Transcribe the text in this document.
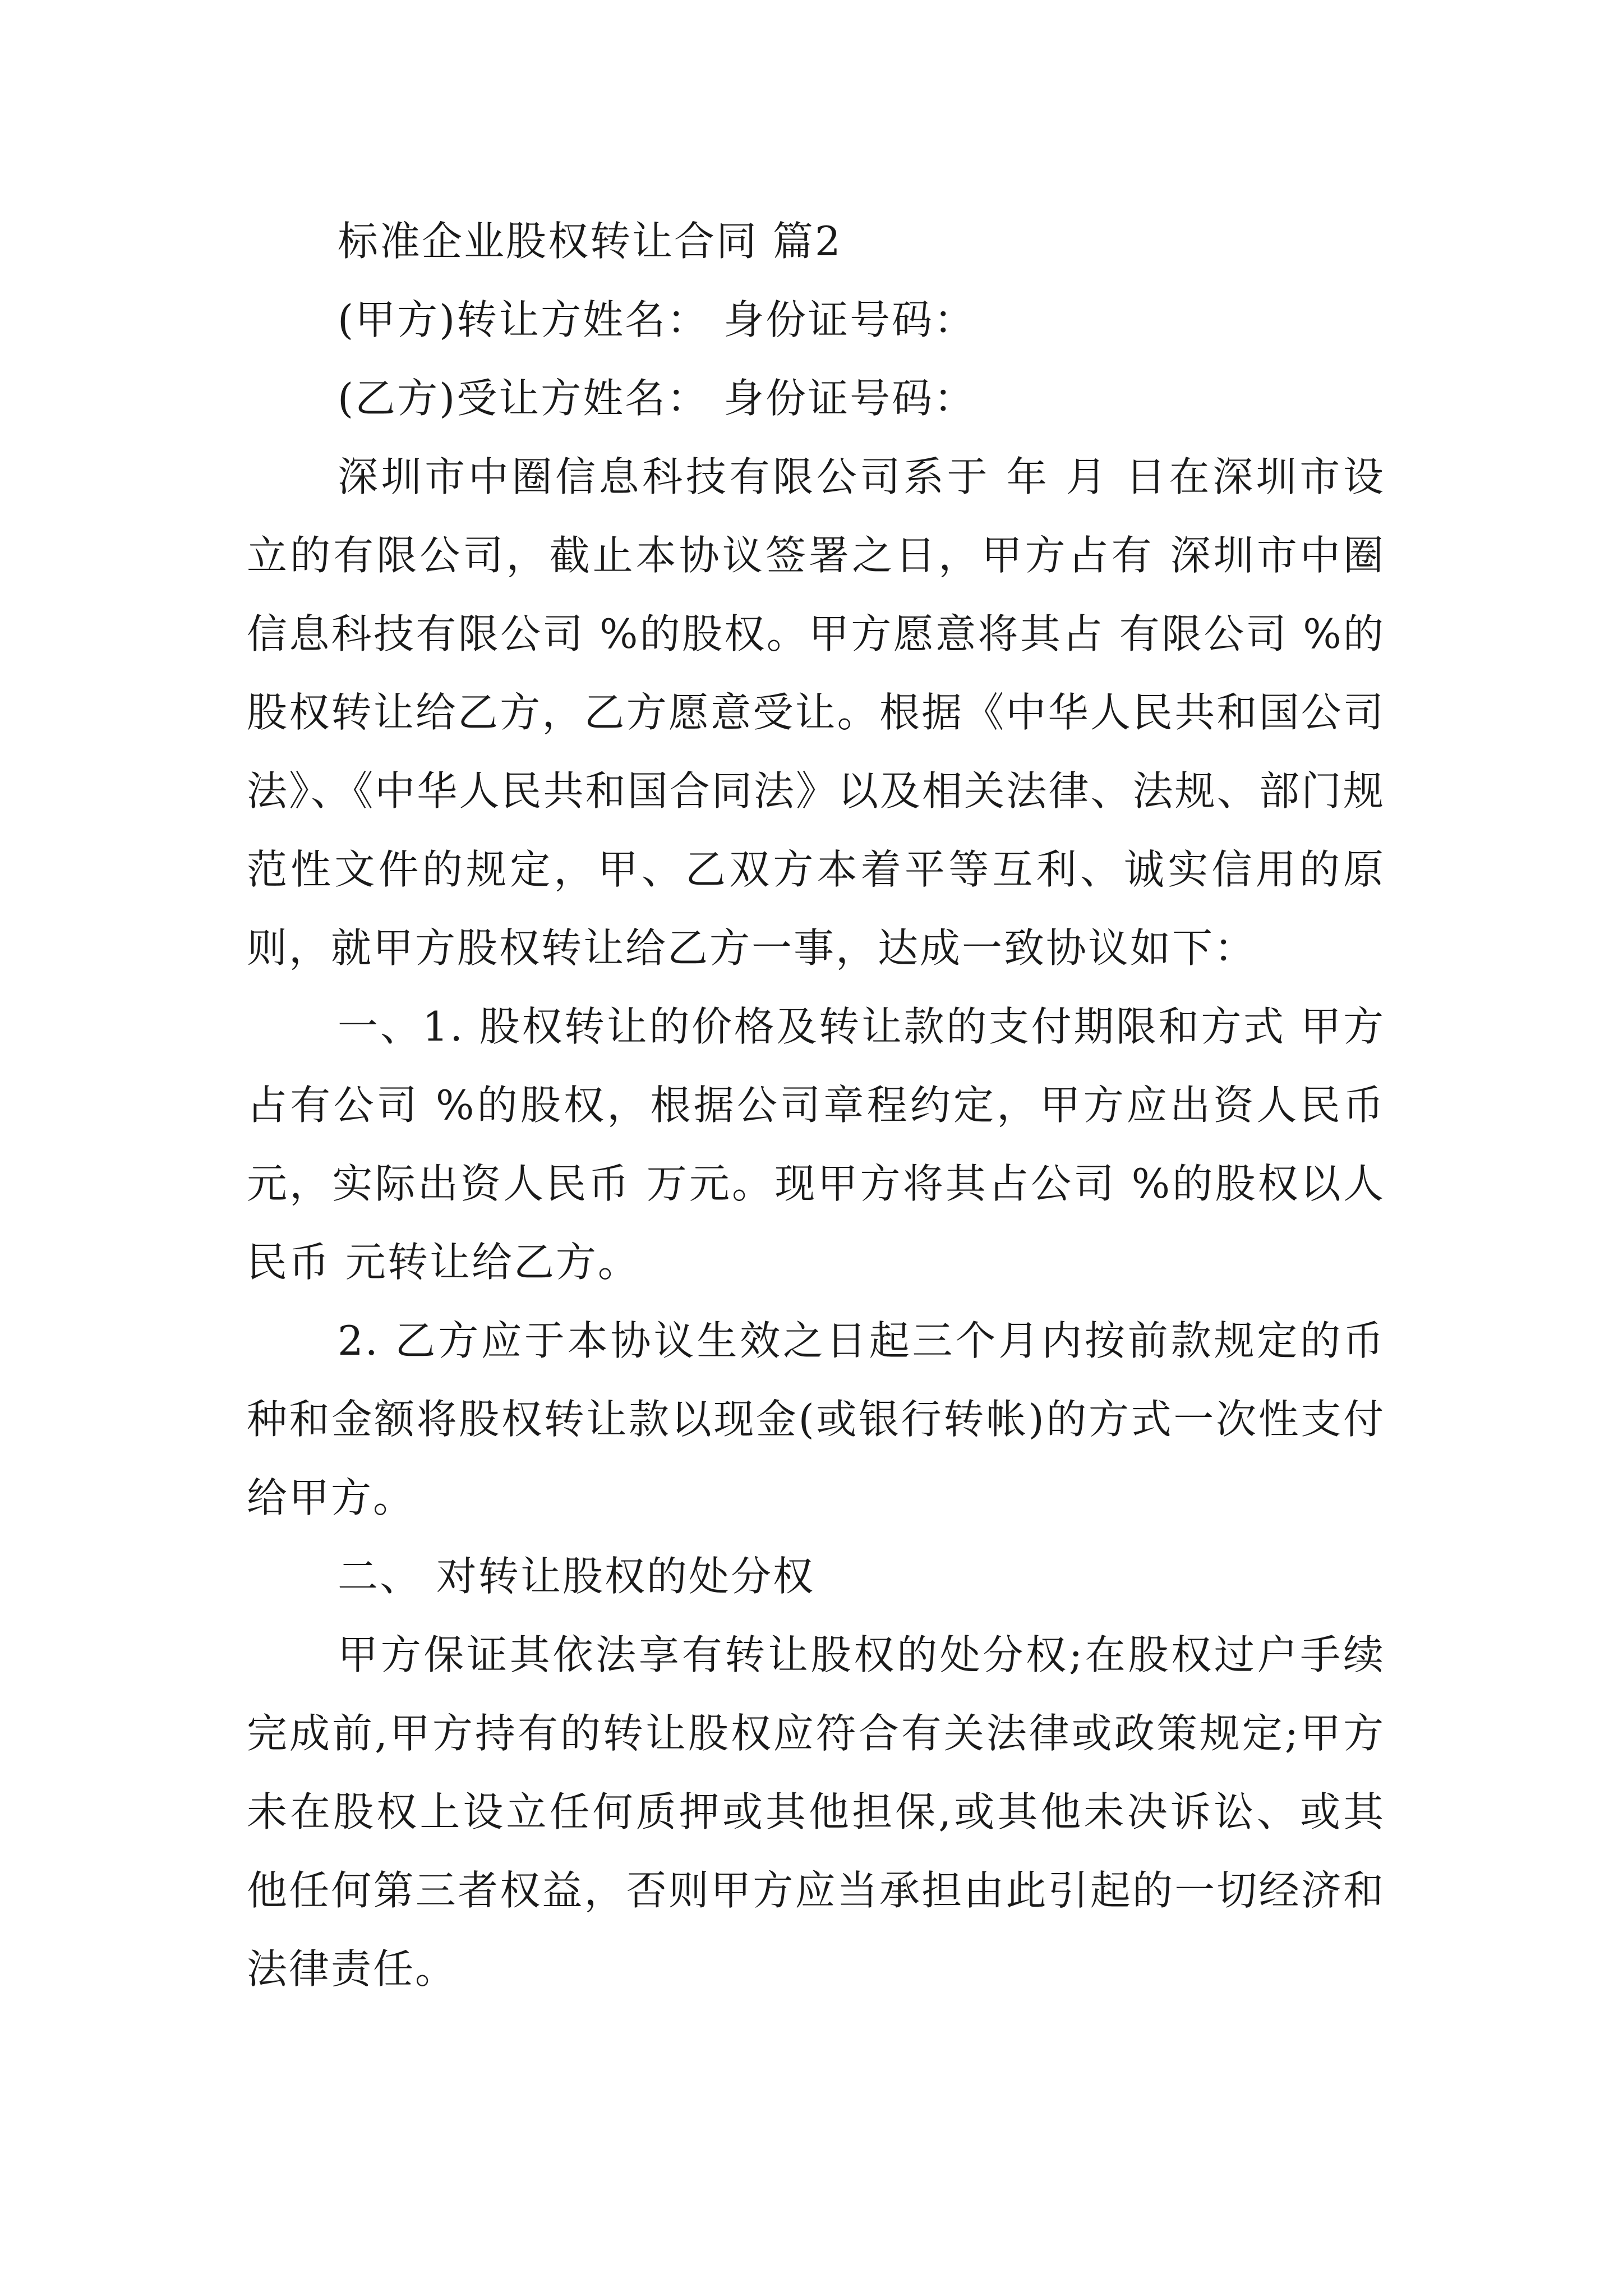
标准企业股权转让合同 篇2

(甲方)转让方姓名： 身份证号码：

(乙方)受让方姓名： 身份证号码：

深圳市中圈信息科技有限公司系于 年 月 日在深圳市设立的有限公司，截止本协议签署之日，甲方占有 深圳市中圈信息科技有限公司 %的股权。甲方愿意将其占 有限公司 %的股权转让给乙方，乙方愿意受让。根据《中华人民共和国公司法》、《中华人民共和国合同法》以及相关法律、法规、部门规范性文件的规定，甲、乙双方本着平等互利、诚实信用的原则，就甲方股权转让给乙方一事，达成一致协议如下：

一、1. 股权转让的价格及转让款的支付期限和方式 甲方占有公司 %的股权，根据公司章程约定，甲方应出资人民币 元，实际出资人民币 万元。现甲方将其占公司 %的股权以人民币 元转让给乙方。

2. 乙方应于本协议生效之日起三个月内按前款规定的币种和金额将股权转让款以现金(或银行转帐)的方式一次性支付给甲方。

二、 对转让股权的处分权

甲方保证其依法享有转让股权的处分权;在股权过户手续完成前,甲方持有的转让股权应符合有关法律或政策规定;甲方未在股权上设立任何质押或其他担保,或其他未决诉讼、或其他任何第三者权益，否则甲方应当承担由此引起的一切经济和法律责任。
